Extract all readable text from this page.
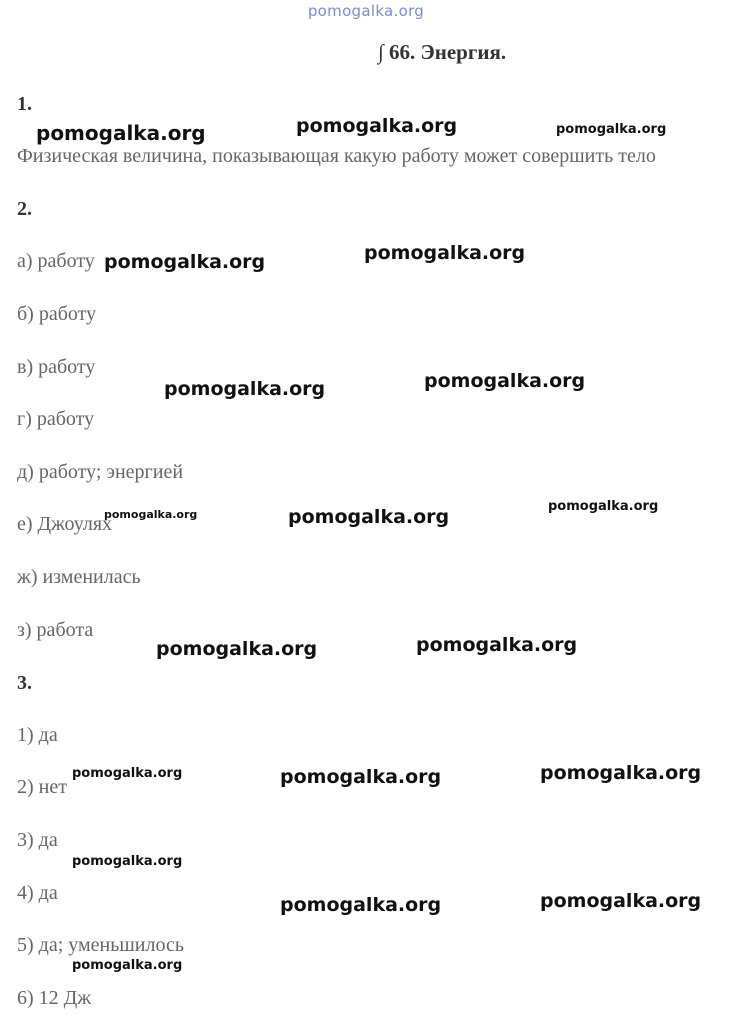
pomogalka.org
∫ 66. Энергия.
1.
Физическая величина, показывающая какую работу может совершить тело
2.
а) работу
б) работу
в) работу
г) работу
д) работу; энергией
е) Джоулях
ж) изменилась
з) работа
3.
1) да
2) нет
3) да
4) да
5) да; уменьшилось
6) 12 Дж
pomogalka.org	pomogalka.org	pomogalka.org
pomogalka.org	pomogalka.org
pomogalka.org	pomogalka.org
pomogalka.org	pomogalka.org	pomogalka.org
pomogalka.org	pomogalka.org
pomogalka.org	pomogalka.org	pomogalka.org
pomogalka.org
pomogalka.org	pomogalka.org
pomogalka.org
